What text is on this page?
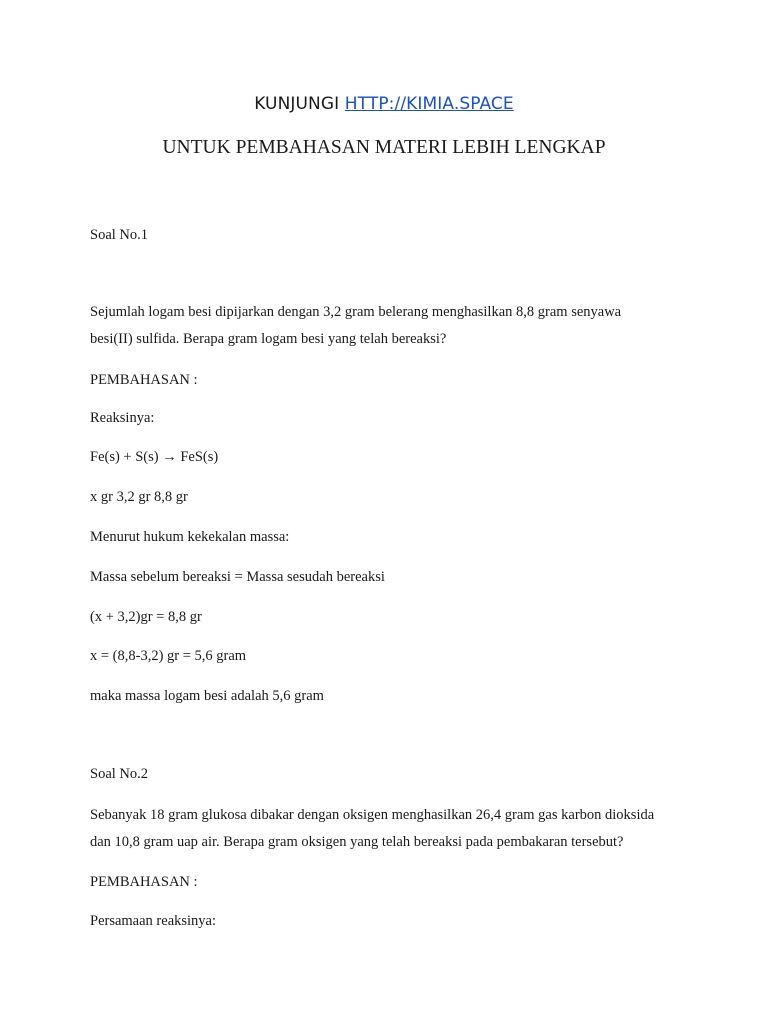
KUNJUNGI HTTP://KIMIA.SPACE
UNTUK PEMBAHASAN MATERI LEBIH LENGKAP
Soal No.1
Sejumlah logam besi dipijarkan dengan 3,2 gram belerang menghasilkan 8,8 gram senyawa
besi(II) sulfida. Berapa gram logam besi yang telah bereaksi?
PEMBAHASAN :
Reaksinya:
Fe(s) + S(s) → FeS(s)
x gr 3,2 gr 8,8 gr
Menurut hukum kekekalan massa:
Massa sebelum bereaksi = Massa sesudah bereaksi
(x + 3,2)gr = 8,8 gr
x = (8,8-3,2) gr = 5,6 gram
maka massa logam besi adalah 5,6 gram
Soal No.2
Sebanyak 18 gram glukosa dibakar dengan oksigen menghasilkan 26,4 gram gas karbon dioksida
dan 10,8 gram uap air. Berapa gram oksigen yang telah bereaksi pada pembakaran tersebut?
PEMBAHASAN :
Persamaan reaksinya:
